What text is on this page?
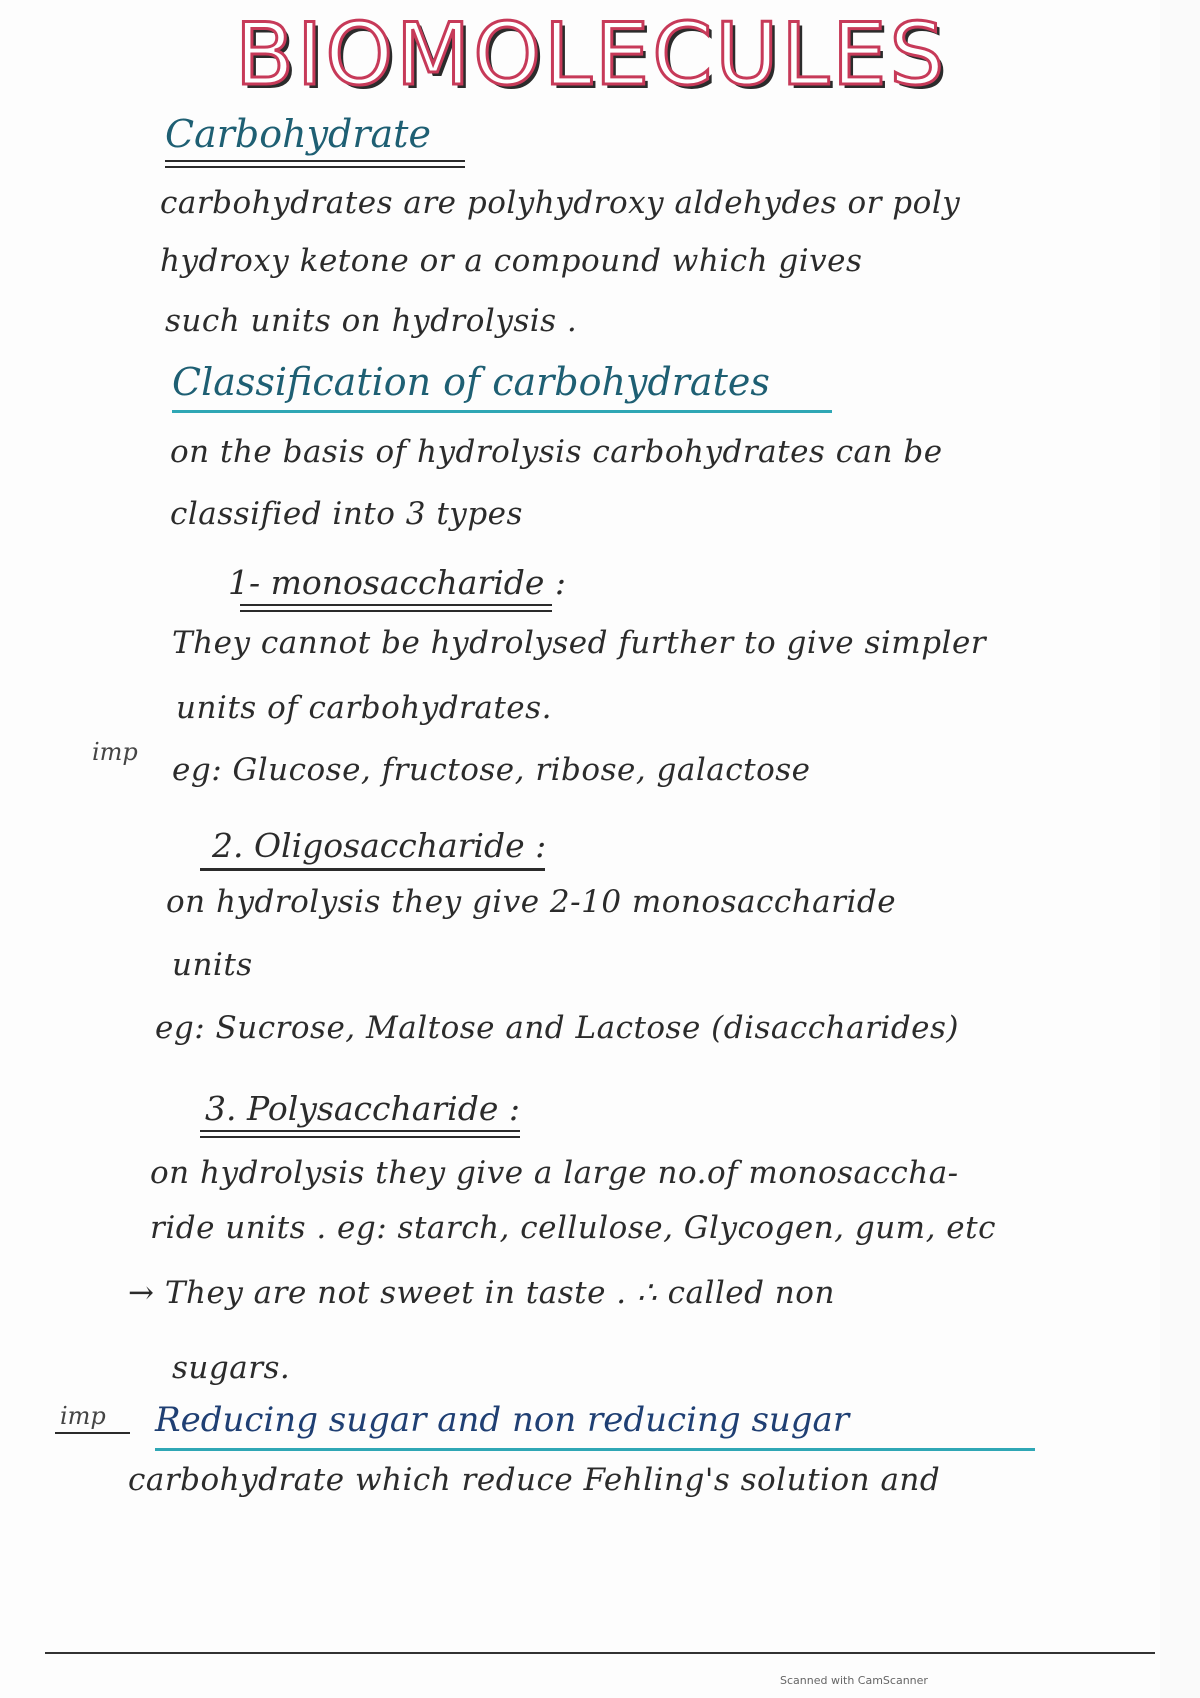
BIOMOLECULES
Carbohydrate
carbohydrates are polyhydroxy aldehydes or poly
hydroxy ketone or a compound which gives
such units on hydrolysis .
Classification of carbohydrates
on the basis of hydrolysis carbohydrates can be
classified into 3 types
1- monosaccharide :
They cannot be hydrolysed further to give simpler
units of carbohydrates.
imp eg: Glucose, fructose, ribose, galactose
2. Oligosaccharide :
on hydrolysis they give 2-10 monosaccharide
units
eg: Sucrose, Maltose and Lactose (disaccharides)
3. Polysaccharide :
on hydrolysis they give a large no.of monosaccha-
ride units . eg: starch, cellulose, Glycogen, gum, etc
→ They are not sweet in taste . ∴ called non
sugars.
imp Reducing sugar and non reducing sugar
carbohydrate which reduce Fehling's solution and
Scanned with CamScanner
